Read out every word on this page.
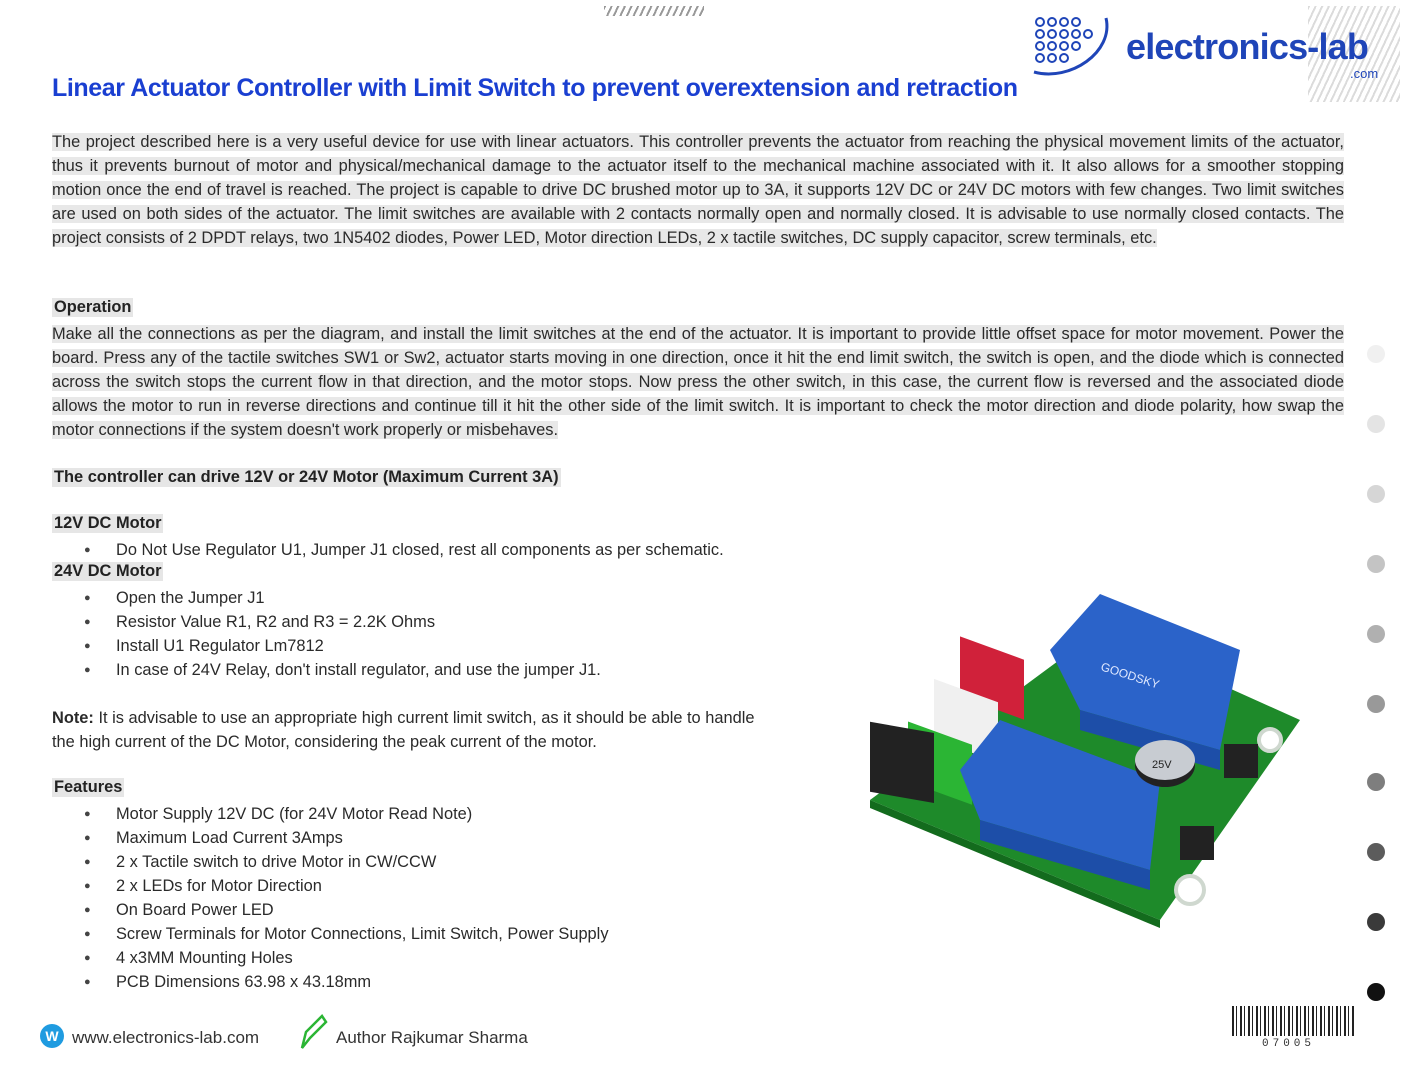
electronics-lab
.com
Linear Actuator Controller with Limit Switch to prevent overextension and retraction
The project described here is a very useful device for use with linear actuators. This controller prevents the actuator from reaching the physical movement limits of the actuator, thus it prevents burnout of motor and physical/mechanical damage to the actuator itself to the mechanical machine associated with it. It also allows for a smoother stopping motion once the end of travel is reached. The project is capable to drive DC brushed motor up to 3A, it supports 12V DC or 24V DC motors with few changes. Two limit switches are used on both sides of the actuator. The limit switches are available with 2 contacts normally open and normally closed. It is advisable to use normally closed contacts. The project consists of 2 DPDT relays, two 1N5402 diodes, Power LED, Motor direction LEDs, 2 x tactile switches, DC supply capacitor, screw terminals, etc.
Operation
Make all the connections as per the diagram, and install the limit switches at the end of the actuator. It is important to provide little offset space for motor movement. Power the board. Press any of the tactile switches SW1 or Sw2, actuator starts moving in one direction, once it hit the end limit switch, the switch is open, and the diode which is connected across the switch stops the current flow in that direction, and the motor stops. Now press the other switch, in this case, the current flow is reversed and the associated diode allows the motor to run in reverse directions and continue till it hit the other side of the limit switch. It is important to check the motor direction and diode polarity, how swap the motor connections if the system doesn't work properly or misbehaves.
The controller can drive 12V or 24V Motor (Maximum Current 3A)
12V DC Motor
● Do Not Use Regulator U1, Jumper J1 closed, rest all components as per schematic.
24V DC Motor
● Open the Jumper J1
● Resistor Value R1, R2 and R3 = 2.2K Ohms
● Install U1 Regulator Lm7812
● In case of 24V Relay, don't install regulator, and use the jumper J1.
Note: It is advisable to use an appropriate high current limit switch, as it should be able to handle the high current of the DC Motor, considering the peak current of the motor.
Features
● Motor Supply 12V DC (for 24V Motor Read Note)
● Maximum Load Current 3Amps
● 2 x Tactile switch to drive Motor in CW/CCW
● 2 x LEDs for Motor Direction
● On Board Power LED
● Screw Terminals for Motor Connections, Limit Switch, Power Supply
● 4 x3MM Mounting Holes
● PCB Dimensions 63.98 x 43.18mm
GOODSKY
25V
W www.electronics-lab.com	Author Rajkumar Sharma	07005
